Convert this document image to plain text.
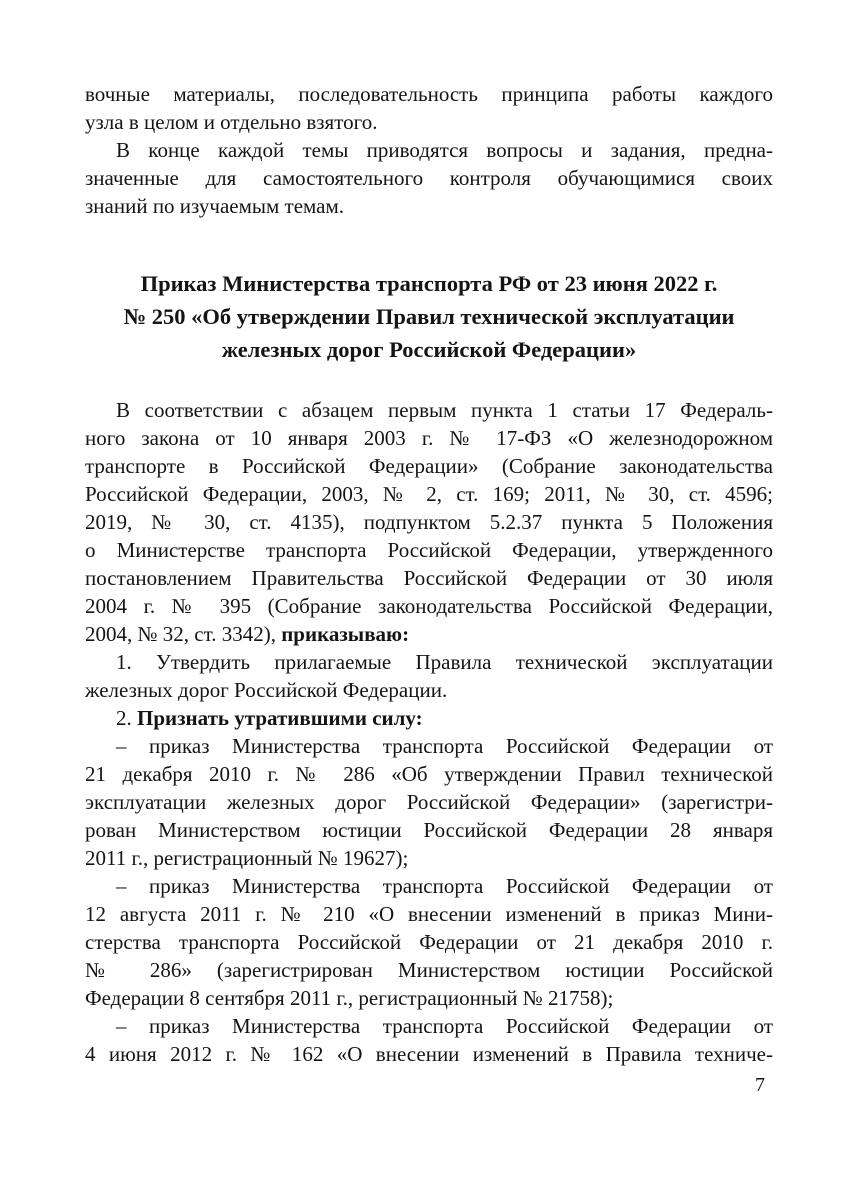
вочные материалы, последовательность принципа работы каждого
узла в целом и отдельно взятого.
В конце каждой темы приводятся вопросы и задания, предна-
значенные для самостоятельного контроля обучающимися своих
знаний по изучаемым темам.
Приказ Министерства транспорта РФ от 23 июня 2022 г.
№ 250 «Об утверждении Правил технической эксплуатации
железных дорог Российской Федерации»
В соответствии с абзацем первым пункта 1 статьи 17 Федераль-
ного закона от 10 января 2003 г. № 17-ФЗ «О железнодорожном
транспорте в Российской Федерации» (Собрание законодательства
Российской Федерации, 2003, № 2, ст. 169; 2011, № 30, ст. 4596;
2019, № 30, ст. 4135), подпунктом 5.2.37 пункта 5 Положения
о Министерстве транспорта Российской Федерации, утвержденного
постановлением Правительства Российской Федерации от 30 июля
2004 г. № 395 (Собрание законодательства Российской Федерации,
2004, № 32, ст. 3342), приказываю:
1. Утвердить прилагаемые Правила технической эксплуатации
железных дорог Российской Федерации.
2. Признать утратившими силу:
– приказ Министерства транспорта Российской Федерации от
21 декабря 2010 г. № 286 «Об утверждении Правил технической
эксплуатации железных дорог Российской Федерации» (зарегистри-
рован Министерством юстиции Российской Федерации 28 января
2011 г., регистрационный № 19627);
– приказ Министерства транспорта Российской Федерации от
12 августа 2011 г. № 210 «О внесении изменений в приказ Мини-
стерства транспорта Российской Федерации от 21 декабря 2010 г.
№ 286» (зарегистрирован Министерством юстиции Российской
Федерации 8 сентября 2011 г., регистрационный № 21758);
– приказ Министерства транспорта Российской Федерации от
4 июня 2012 г. № 162 «О внесении изменений в Правила техниче-
7
